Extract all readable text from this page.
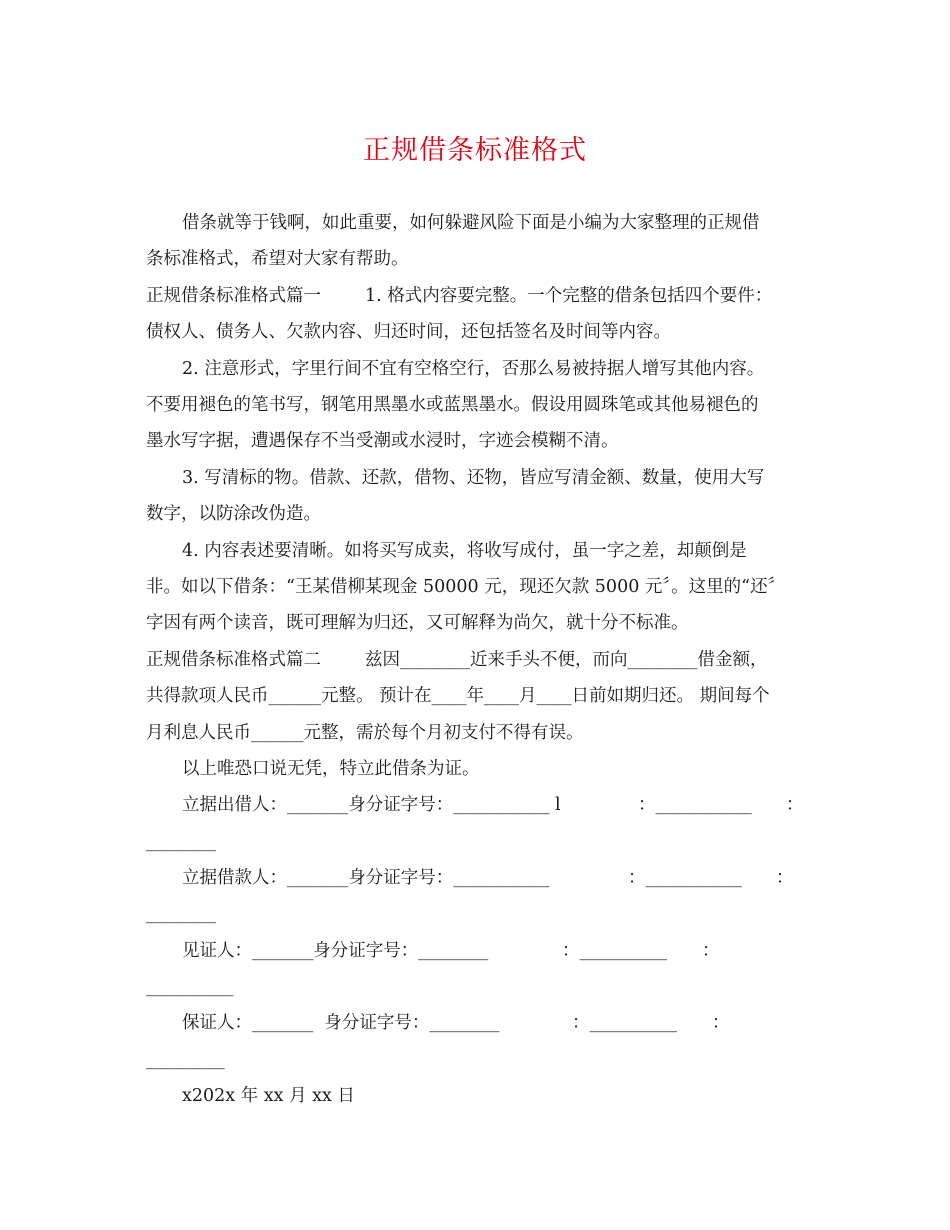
正规借条标准格式
借条就等于钱啊，如此重要，如何躲避风险下面是小编为大家整理的正规借
条标准格式，希望对大家有帮助。
正规借条标准格式篇一	1. 格式内容要完整。一个完整的借条包括四个要件：
债权人、债务人、欠款内容、归还时间，还包括签名及时间等内容。
2. 注意形式，字里行间不宜有空格空行，否那么易被持据人增写其他内容。
不要用褪色的笔书写，钢笔用黑墨水或蓝黑墨水。假设用圆珠笔或其他易褪色的
墨水写字据，遭遇保存不当受潮或水浸时，字迹会模糊不清。
3. 写清标的物。借款、还款，借物、还物，皆应写清金额、数量，使用大写
数字，以防涂改伪造。
4. 内容表述要清晰。如将买写成卖，将收写成付，虽一字之差，却颠倒是
非。如以下借条：“王某借柳某现金 50000 元，现还欠款 5000 元〞。这里的“还〞
字因有两个读音，既可理解为归还，又可解释为尚欠，就十分不标准。
正规借条标准格式篇二	兹因________近来手头不便，而向________借金额，
共得款项人民币______元整。 预计在____年____月____日前如期归还。 期间每个
月利息人民币______元整，需於每个月初支付不得有误。
以上唯恐口说无凭，特立此借条为证。
立据出借人：_______身分证字号：___________ l	：___________ ：
________
立据借款人：_______身分证字号：___________	：___________ ：
________
见证人：_______身分证字号：________	：__________ ：
__________
保证人：_______  身分证字号：________	：__________ ：
_________
x202x 年 xx 月 xx 日
